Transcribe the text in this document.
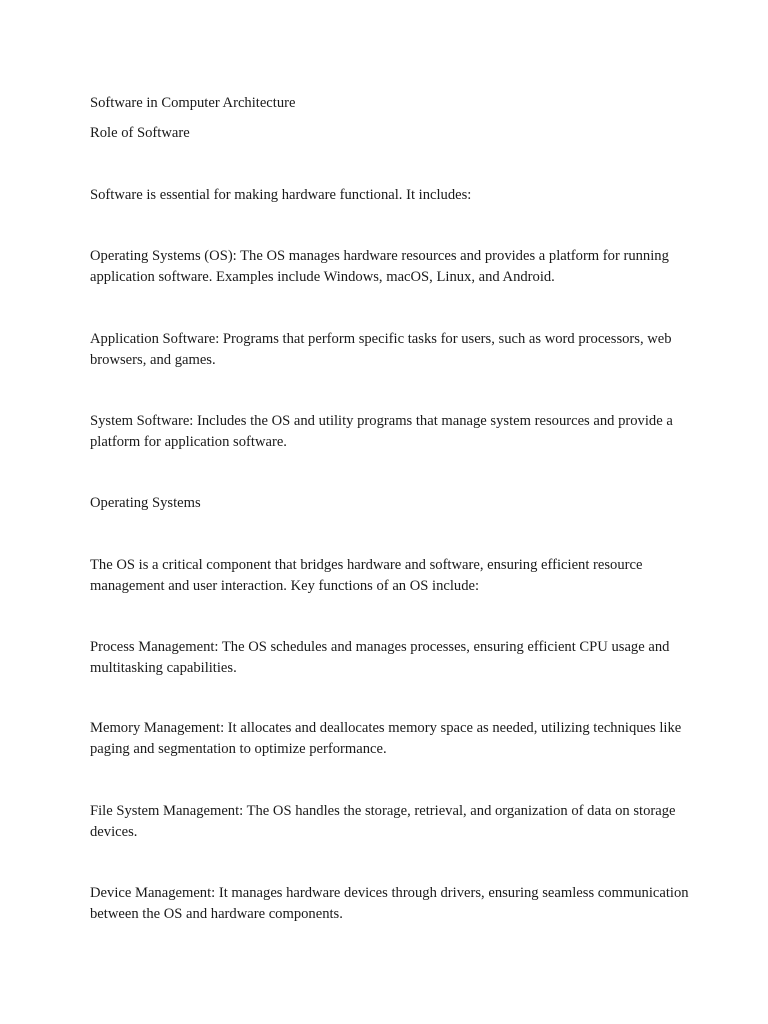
Software in Computer Architecture

Role of Software

Software is essential for making hardware functional. It includes:

Operating Systems (OS): The OS manages hardware resources and provides a platform for running application software. Examples include Windows, macOS, Linux, and Android.

Application Software: Programs that perform specific tasks for users, such as word processors, web browsers, and games.

System Software: Includes the OS and utility programs that manage system resources and provide a platform for application software.

Operating Systems

The OS is a critical component that bridges hardware and software, ensuring efficient resource management and user interaction. Key functions of an OS include:

Process Management: The OS schedules and manages processes, ensuring efficient CPU usage and multitasking capabilities.

Memory Management: It allocates and deallocates memory space as needed, utilizing techniques like paging and segmentation to optimize performance.

File System Management: The OS handles the storage, retrieval, and organization of data on storage devices.

Device Management: It manages hardware devices through drivers, ensuring seamless communication between the OS and hardware components.
